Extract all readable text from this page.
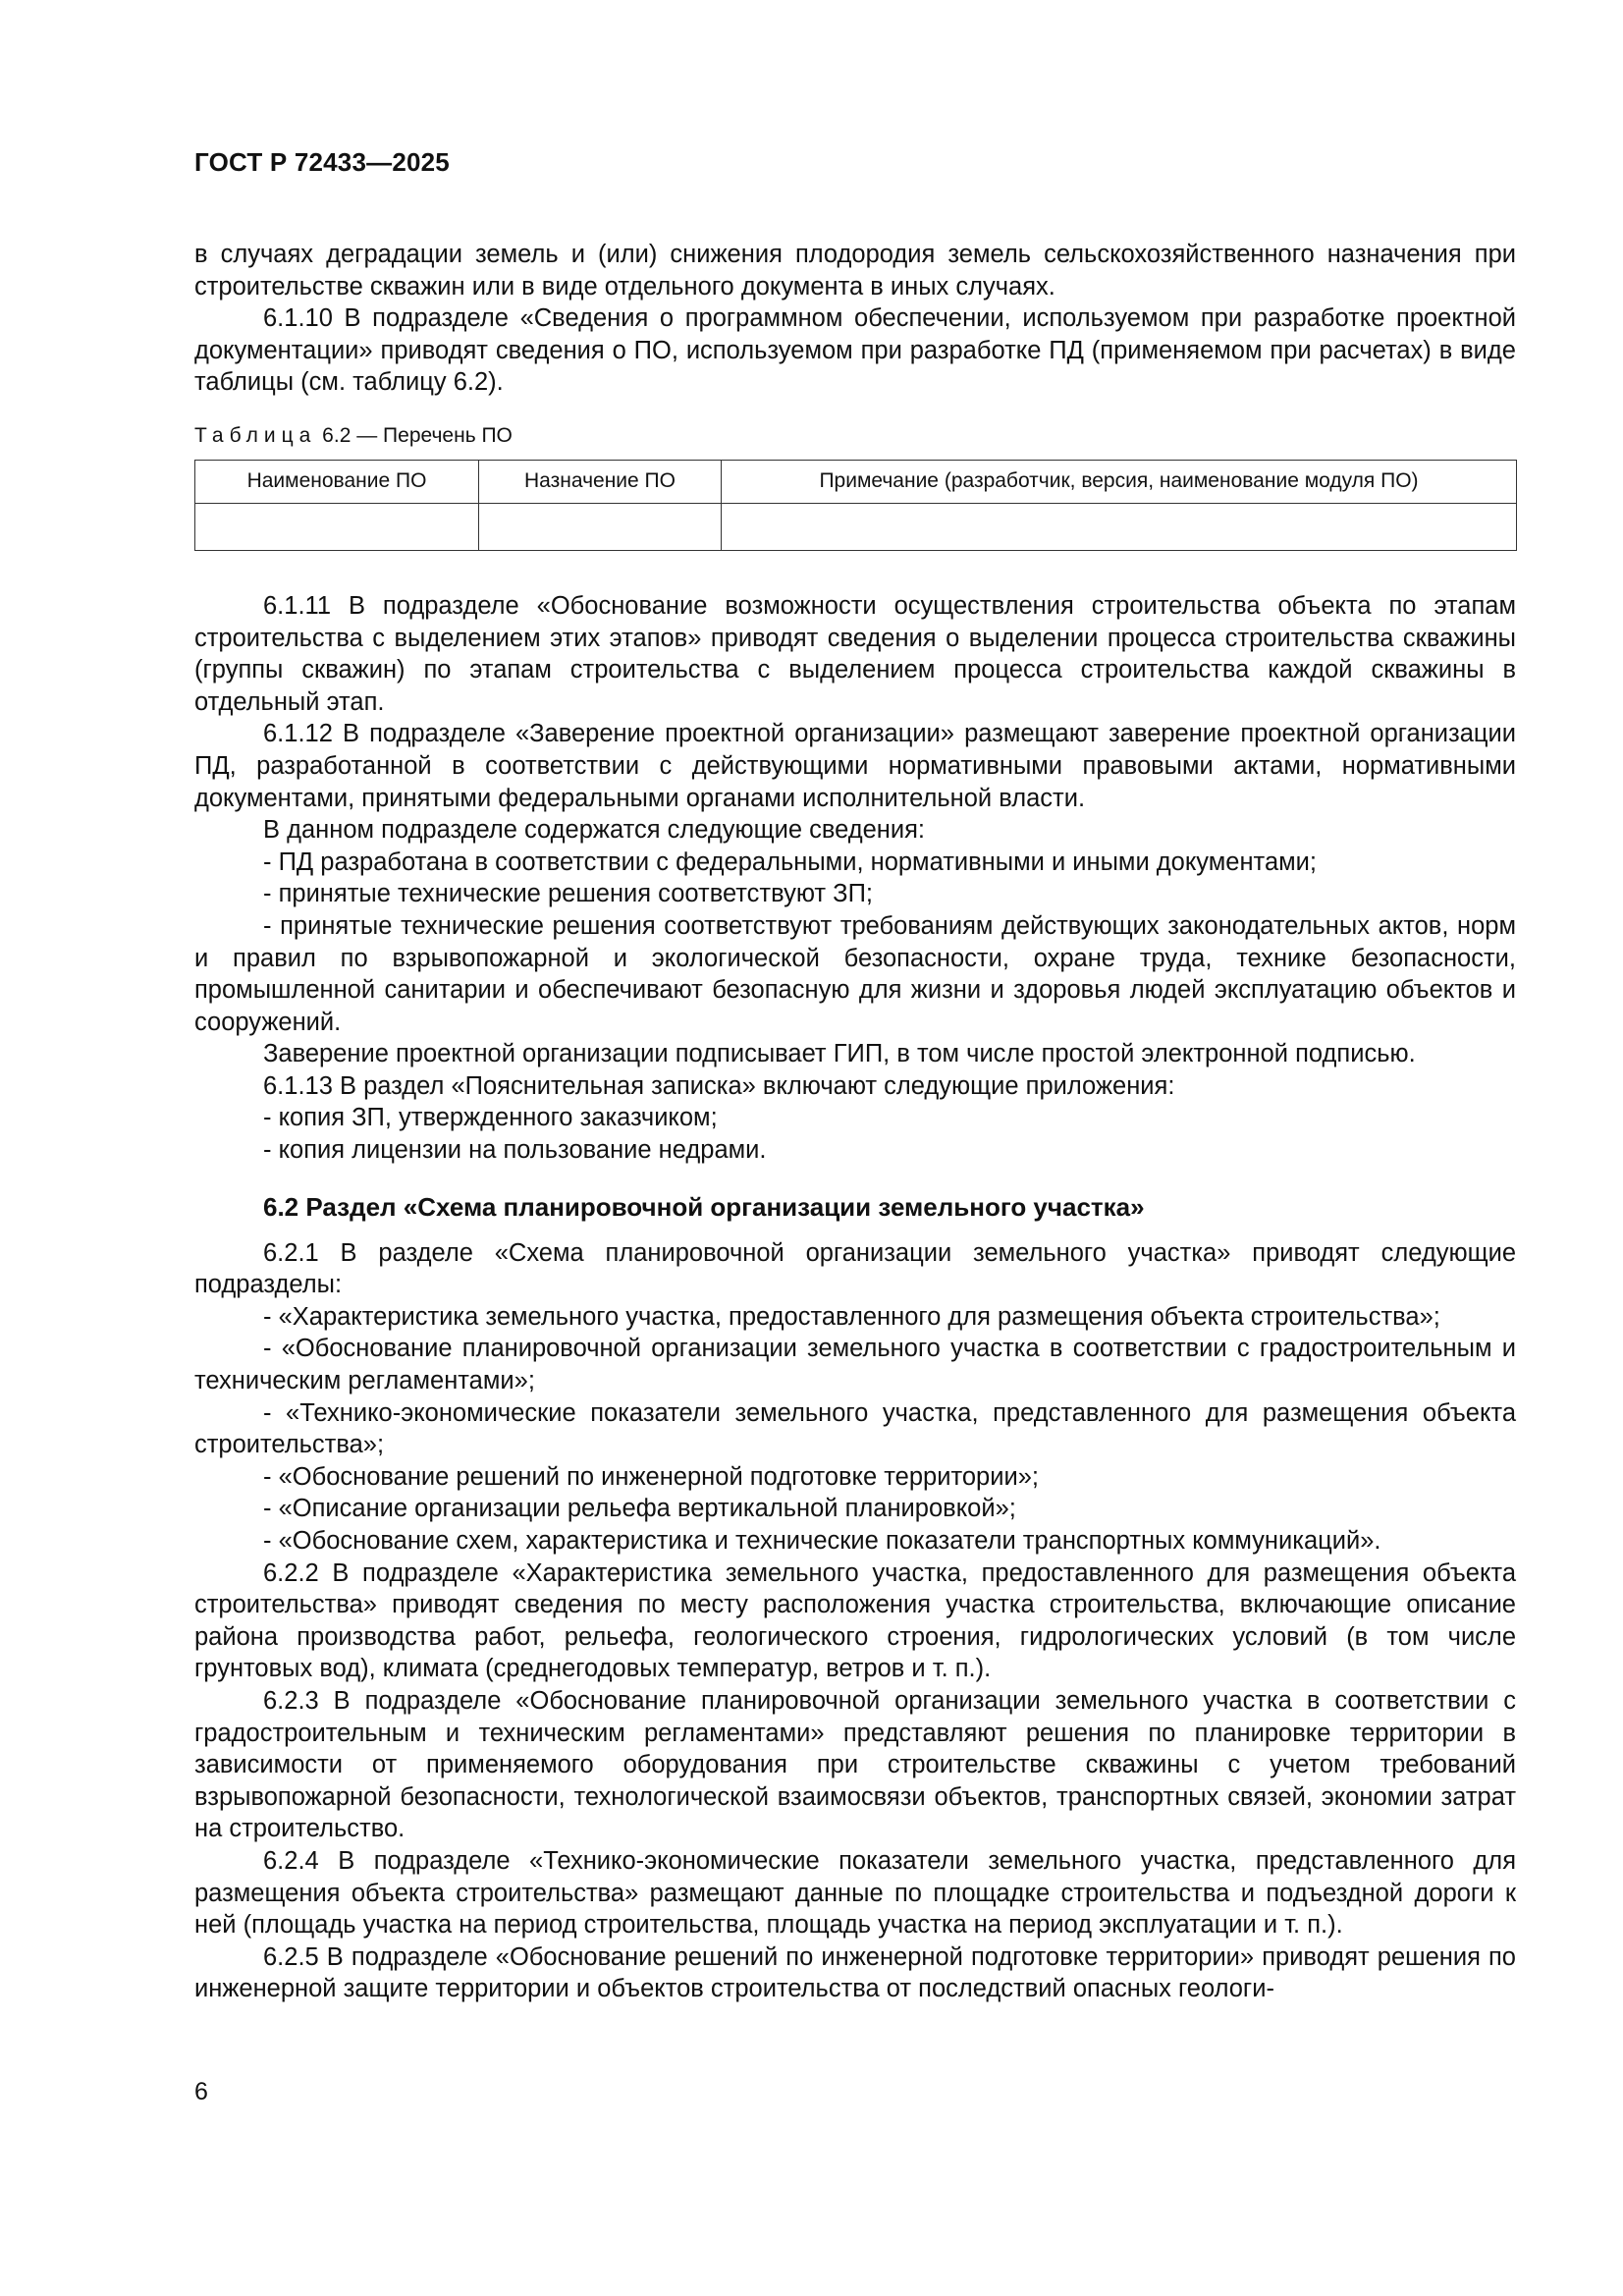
ГОСТ Р 72433—2025

в случаях деградации земель и (или) снижения плодородия земель сельскохозяйственного назначения при строительстве скважин или в виде отдельного документа в иных случаях.

6.1.10 В подразделе «Сведения о программном обеспечении, используемом при разработке проектной документации» приводят сведения о ПО, используемом при разработке ПД (применяемом при расчетах) в виде таблицы (см. таблицу 6.2).

Таблица 6.2 — Перечень ПО
Наименование ПО	Назначение ПО	Примечание (разработчик, версия, наименование модуля ПО)

6.1.11 В подразделе «Обоснование возможности осуществления строительства объекта по этапам строительства с выделением этих этапов» приводят сведения о выделении процесса строительства скважины (группы скважин) по этапам строительства с выделением процесса строительства каждой скважины в отдельный этап.

6.1.12 В подразделе «Заверение проектной организации» размещают заверение проектной организации ПД, разработанной в соответствии с действующими нормативными правовыми актами, нормативными документами, принятыми федеральными органами исполнительной власти.

В данном подразделе содержатся следующие сведения:

- ПД разработана в соответствии с федеральными, нормативными и иными документами;

- принятые технические решения соответствуют ЗП;

- принятые технические решения соответствуют требованиям действующих законодательных актов, норм и правил по взрывопожарной и экологической безопасности, охране труда, технике безопасности, промышленной санитарии и обеспечивают безопасную для жизни и здоровья людей эксплуатацию объектов и сооружений.

Заверение проектной организации подписывает ГИП, в том числе простой электронной подписью.

6.1.13 В раздел «Пояснительная записка» включают следующие приложения:

- копия ЗП, утвержденного заказчиком;

- копия лицензии на пользование недрами.

6.2 Раздел «Схема планировочной организации земельного участка»

6.2.1 В разделе «Схема планировочной организации земельного участка» приводят следующие подразделы:

- «Характеристика земельного участка, предоставленного для размещения объекта строительства»;

- «Обоснование планировочной организации земельного участка в соответствии с градостроительным и техническим регламентами»;

- «Технико-экономические показатели земельного участка, представленного для размещения объекта строительства»;

- «Обоснование решений по инженерной подготовке территории»;

- «Описание организации рельефа вертикальной планировкой»;

- «Обоснование схем, характеристика и технические показатели транспортных коммуникаций».

6.2.2 В подразделе «Характеристика земельного участка, предоставленного для размещения объекта строительства» приводят сведения по месту расположения участка строительства, включающие описание района производства работ, рельефа, геологического строения, гидрологических условий (в том числе грунтовых вод), климата (среднегодовых температур, ветров и т. п.).

6.2.3 В подразделе «Обоснование планировочной организации земельного участка в соответствии с градостроительным и техническим регламентами» представляют решения по планировке территории в зависимости от применяемого оборудования при строительстве скважины с учетом требований взрывопожарной безопасности, технологической взаимосвязи объектов, транспортных связей, экономии затрат на строительство.

6.2.4 В подразделе «Технико-экономические показатели земельного участка, представленного для размещения объекта строительства» размещают данные по площадке строительства и подъездной дороги к ней (площадь участка на период строительства, площадь участка на период эксплуатации и т. п.).

6.2.5 В подразделе «Обоснование решений по инженерной подготовке территории» приводят решения по инженерной защите территории и объектов строительства от последствий опасных геологи-

6
